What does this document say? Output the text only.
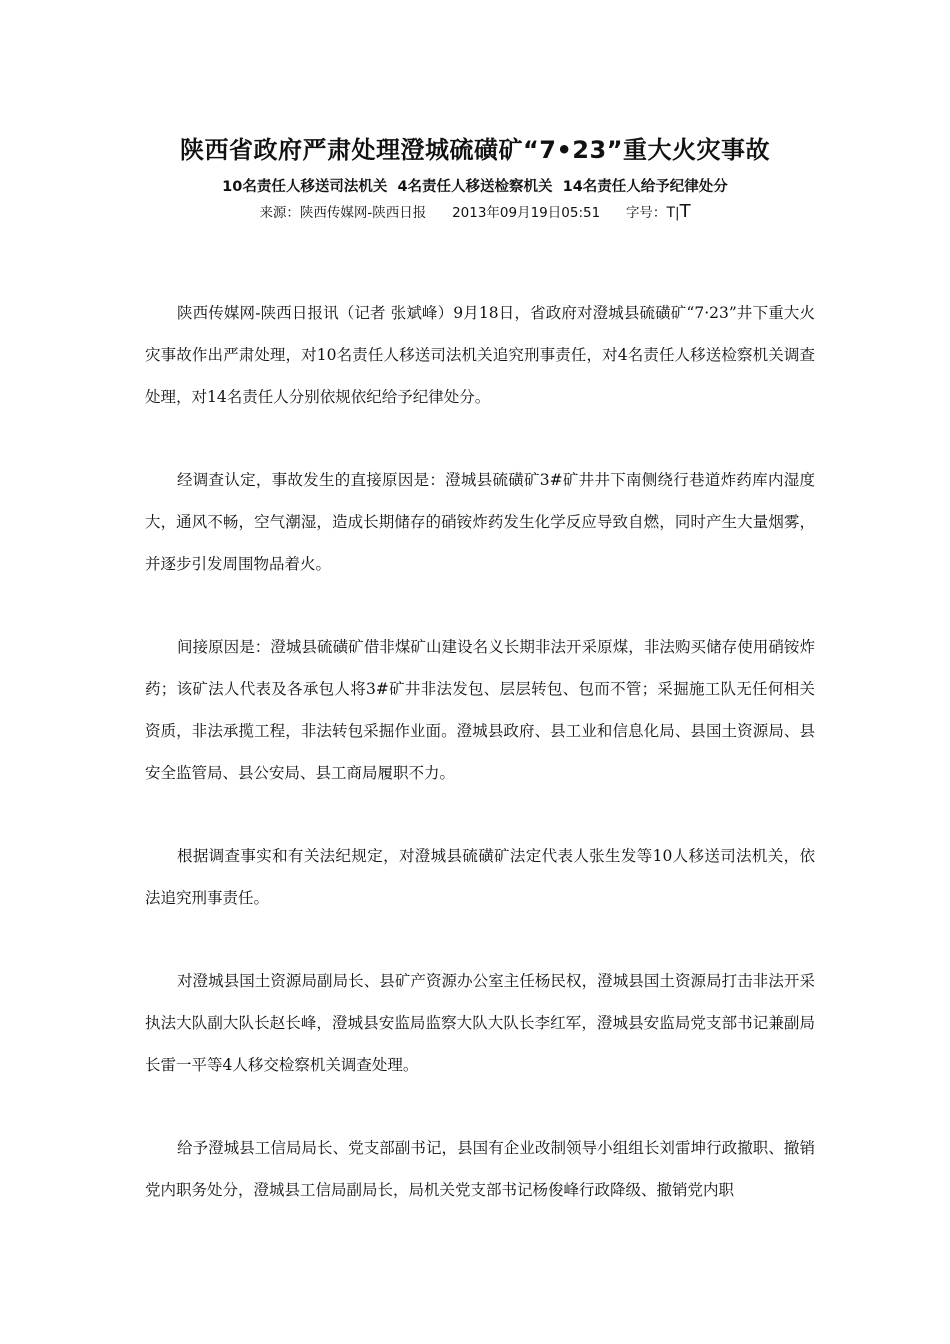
陕西省政府严肃处理澄城硫磺矿“7•23”重大火灾事故
10名责任人移送司法机关  4名责任人移送检察机关  14名责任人给予纪律处分
来源：陕西传媒网-陕西日报 2013年09月19日05:51 字号：T|T

陕西传媒网-陕西日报讯（记者 张斌峰）9月18日，省政府对澄城县硫磺矿“7·23”井下重大火灾事故作出严肃处理，对10名责任人移送司法机关追究刑事责任，对4名责任人移送检察机关调查处理，对14名责任人分别依规依纪给予纪律处分。

经调查认定，事故发生的直接原因是：澄城县硫磺矿3#矿井井下南侧绕行巷道炸药库内湿度大，通风不畅，空气潮湿，造成长期储存的硝铵炸药发生化学反应导致自燃，同时产生大量烟雾，并逐步引发周围物品着火。

间接原因是：澄城县硫磺矿借非煤矿山建设名义长期非法开采原煤，非法购买储存使用硝铵炸药；该矿法人代表及各承包人将3#矿井非法发包、层层转包、包而不管；采掘施工队无任何相关资质，非法承揽工程，非法转包采掘作业面。澄城县政府、县工业和信息化局、县国土资源局、县安全监管局、县公安局、县工商局履职不力。

根据调查事实和有关法纪规定，对澄城县硫磺矿法定代表人张生发等10人移送司法机关，依法追究刑事责任。

对澄城县国土资源局副局长、县矿产资源办公室主任杨民权，澄城县国土资源局打击非法开采执法大队副大队长赵长峰，澄城县安监局监察大队大队长李红军，澄城县安监局党支部书记兼副局长雷一平等4人移交检察机关调查处理。

给予澄城县工信局局长、党支部副书记，县国有企业改制领导小组组长刘雷坤行政撤职、撤销党内职务处分，澄城县工信局副局长，局机关党支部书记杨俊峰行政降级、撤销党内职
